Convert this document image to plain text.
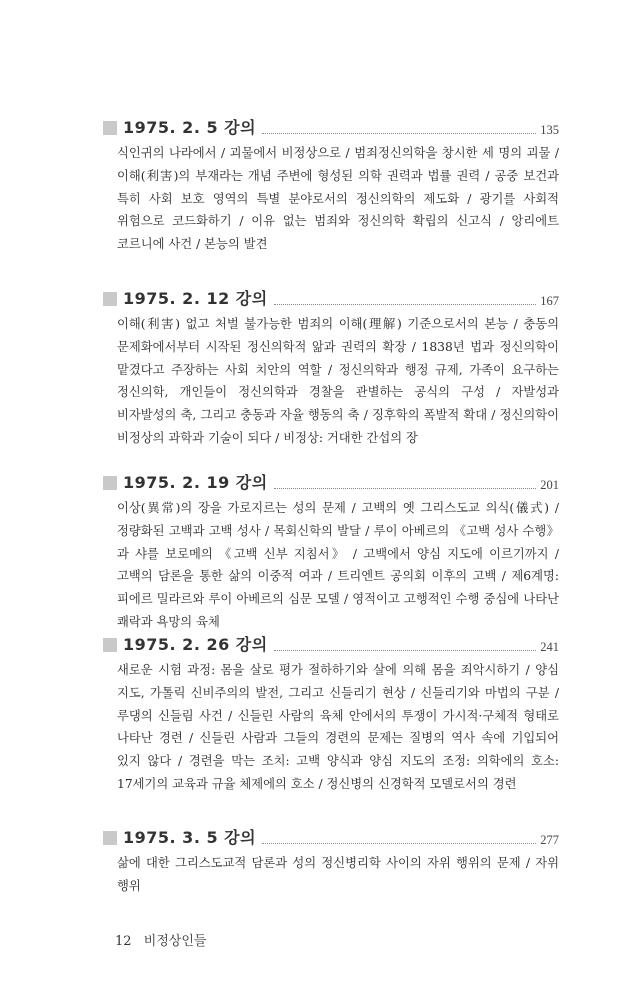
1975. 2. 5 강의	135
식인귀의 나라에서 / 괴물에서 비정상으로 / 범죄정신의학을 창시한 세 명의 괴물 / 이해(利害)의 부재라는 개념 주변에 형성된 의학 권력과 법률 권력 / 공중 보건과 특히 사회 보호 영역의 특별 분야로서의 정신의학의 제도화 / 광기를 사회적 위험으로 코드화하기 / 이유 없는 범죄와 정신의학 확립의 신고식 / 앙리에트 코르니에 사건 / 본능의 발견
1975. 2. 12 강의	167
이해(利害) 없고 처벌 불가능한 범죄의 이해(理解) 기준으로서의 본능 / 충동의 문제화에서부터 시작된 정신의학적 앎과 권력의 확장 / 1838년 법과 정신의학이 맡겼다고 주장하는 사회 치안의 역할 / 정신의학과 행정 규제, 가족이 요구하는 정신의학, 개인들이 정신의학과 경찰을 관별하는 공식의 구성 / 자발성과 비자발성의 축, 그리고 충동과 자율 행동의 축 / 징후학의 폭발적 확대 / 정신의학이 비정상의 과학과 기술이 되다 / 비정상: 거대한 간섭의 장
1975. 2. 19 강의	201
이상(異常)의 장을 가로지르는 성의 문제 / 고백의 옛 그리스도교 의식(儀式) / 정량화된 고백과 고백 성사 / 목회신학의 발달 / 루이 아베르의 《고백 성사 수행》과 샤를 보로메의 《고백 신부 지침서》 / 고백에서 양심 지도에 이르기까지 / 고백의 담론을 통한 삶의 이중적 여과 / 트리엔트 공의회 이후의 고백 / 제6계명: 피에르 밀라르와 루이 아베르의 심문 모델 / 영적이고 고행적인 수행 중심에 나타난 쾌락과 욕망의 육체
1975. 2. 26 강의	241
새로운 시험 과정: 몸을 살로 평가 절하하기와 살에 의해 몸을 죄악시하기 / 양심 지도, 가톨릭 신비주의의 발전, 그리고 신들리기 현상 / 신들리기와 마법의 구분 / 루댕의 신들림 사건 / 신들린 사람의 육체 안에서의 투쟁이 가시적·구체적 형태로 나타난 경련 / 신들린 사람과 그들의 경련의 문제는 질병의 역사 속에 기입되어 있지 않다 / 경련을 막는 조치: 고백 양식과 양심 지도의 조정: 의학에의 호소: 17세기의 교육과 규율 체제에의 호소 / 정신병의 신경학적 모델로서의 경련
1975. 3. 5 강의	277
삶에 대한 그리스도교적 담론과 성의 정신병리학 사이의 자위 행위의 문제 / 자위 행위
12 비정상인들
